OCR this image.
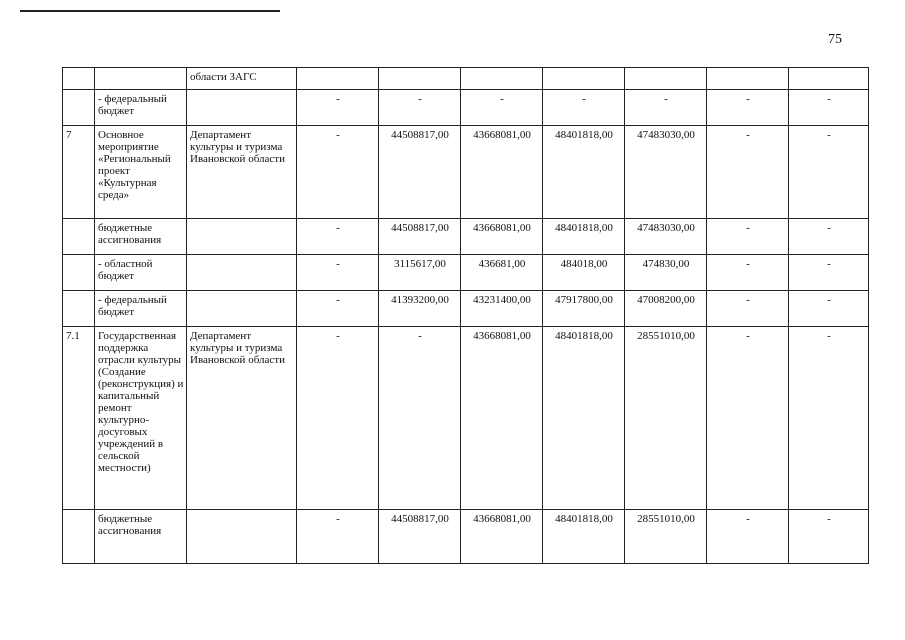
75
		области ЗАГС							
	- федеральный бюджет		-	-	-	-	-	-	-
7	Основное мероприятие «Региональный проект «Культурная среда»	Департамент культуры и туризма Ивановской области	-	44508817,00	43668081,00	48401818,00	47483030,00	-	-
	бюджетные ассигнования		-	44508817,00	43668081,00	48401818,00	47483030,00	-	-
	- областной бюджет		-	3115617,00	436681,00	484018,00	474830,00	-	-
	- федеральный бюджет		-	41393200,00	43231400,00	47917800,00	47008200,00	-	-
7.1	Государственная поддержка отрасли культуры (Создание (реконструкция) и капитальный ремонт культурно-досуговых учреждений в сельской местности)	Департамент культуры и туризма Ивановской области	-	-	43668081,00	48401818,00	28551010,00	-	-
	бюджетные ассигнования		-	44508817,00	43668081,00	48401818,00	28551010,00	-	-
